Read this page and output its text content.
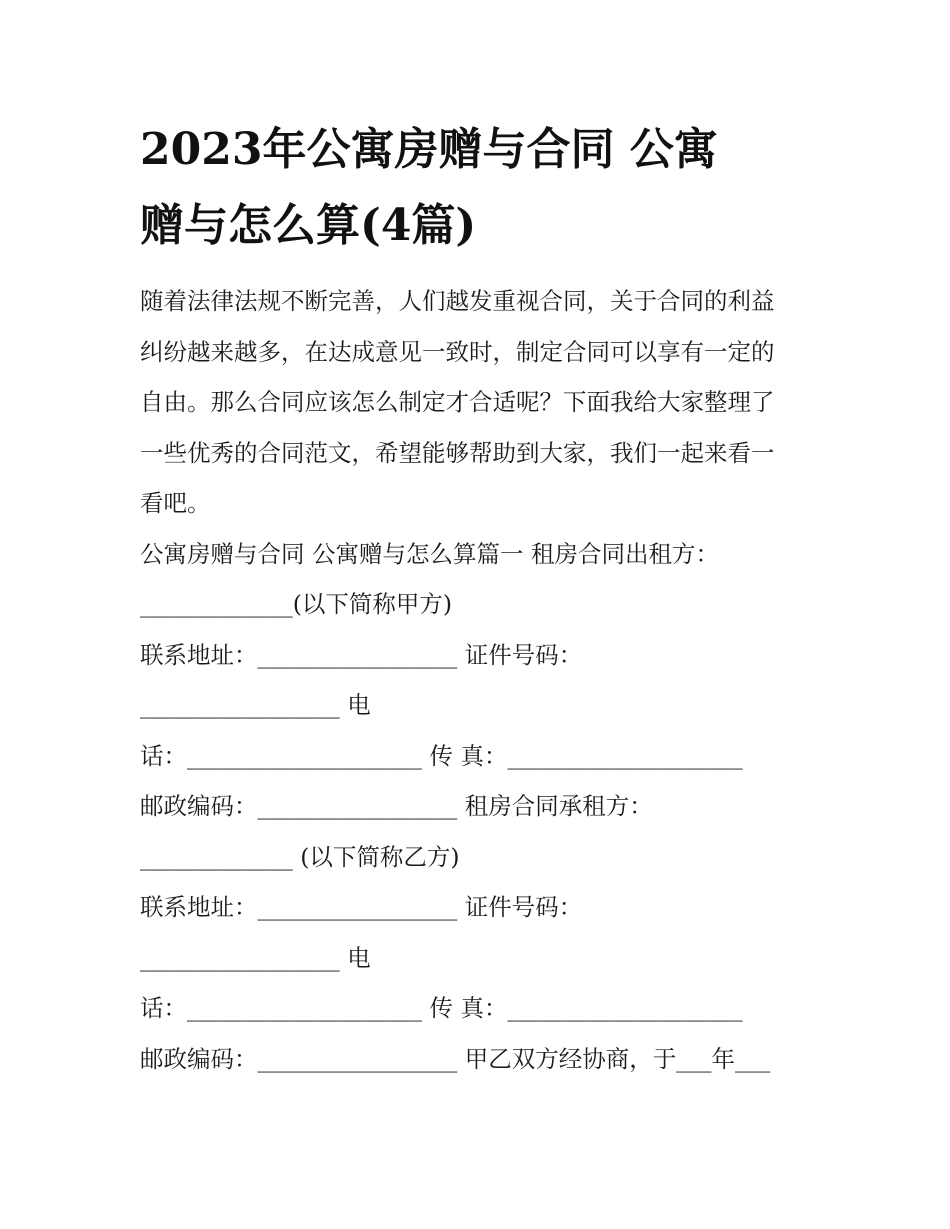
2023年公寓房赠与合同 公寓
赠与怎么算(4篇)
随着法律法规不断完善，人们越发重视合同，关于合同的利益
纠纷越来越多，在达成意见一致时，制定合同可以享有一定的
自由。那么合同应该怎么制定才合适呢？下面我给大家整理了
一些优秀的合同范文，希望能够帮助到大家，我们一起来看一
看吧。
公寓房赠与合同 公寓赠与怎么算篇一 租房合同出租方：
_____________(以下简称甲方)
联系地址：_________________ 证件号码：
_________________ 电
话：____________________ 传 真：____________________
邮政编码：_________________ 租房合同承租方：
_____________ (以下简称乙方)
联系地址：_________________ 证件号码：
_________________ 电
话：____________________ 传 真：____________________
邮政编码：_________________ 甲乙双方经协商，于___年___
